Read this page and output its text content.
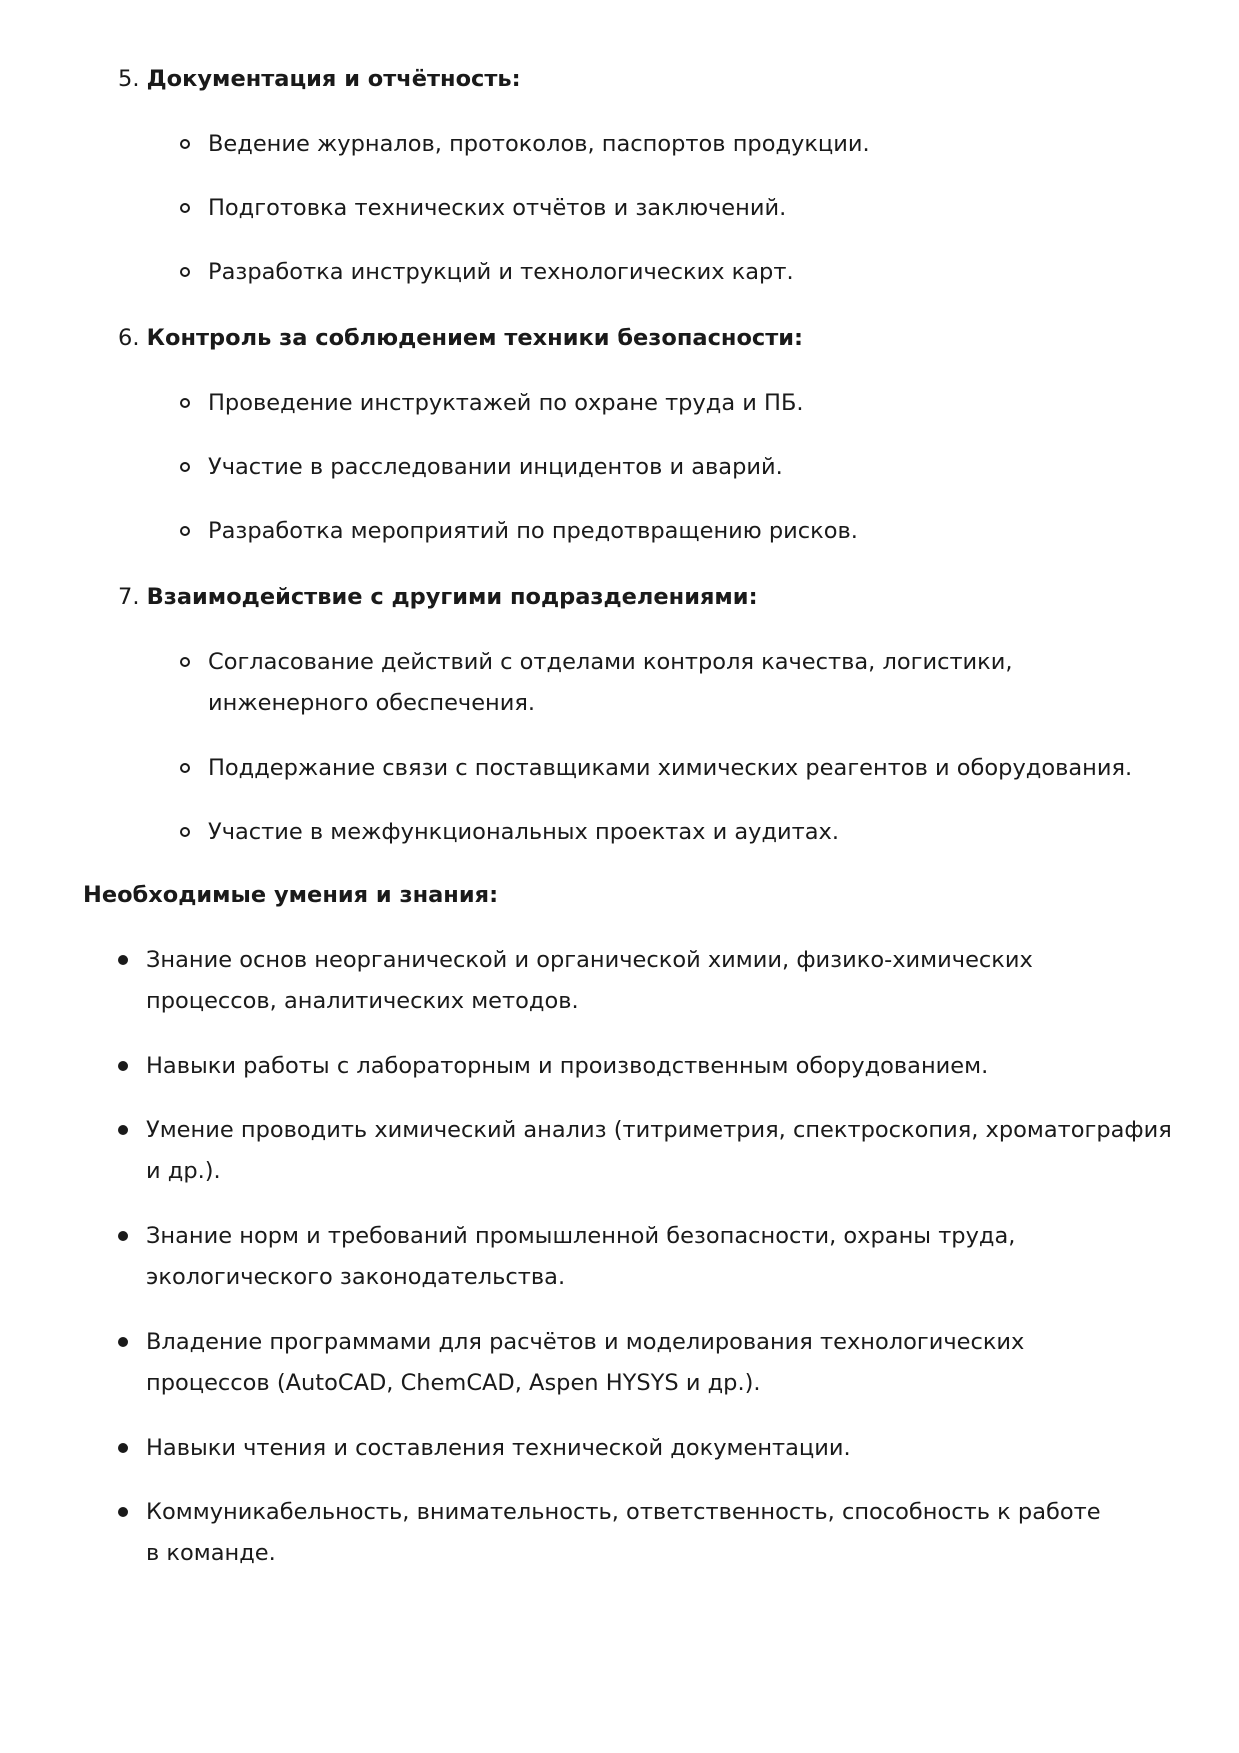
5. Документация и отчётность:
Ведение журналов, протоколов, паспортов продукции.
Подготовка технических отчётов и заключений.
Разработка инструкций и технологических карт.
6. Контроль за соблюдением техники безопасности:
Проведение инструктажей по охране труда и ПБ.
Участие в расследовании инцидентов и аварий.
Разработка мероприятий по предотвращению рисков.
7. Взаимодействие с другими подразделениями:
Согласование действий с отделами контроля качества, логистики, инженерного обеспечения.
Поддержание связи с поставщиками химических реагентов и оборудования.
Участие в межфункциональных проектах и аудитах.
Необходимые умения и знания:
Знание основ неорганической и органической химии, физико-химических процессов, аналитических методов.
Навыки работы с лабораторным и производственным оборудованием.
Умение проводить химический анализ (титриметрия, спектроскопия, хроматография и др.).
Знание норм и требований промышленной безопасности, охраны труда, экологического законодательства.
Владение программами для расчётов и моделирования технологических процессов (AutoCAD, ChemCAD, Aspen HYSYS и др.).
Навыки чтения и составления технической документации.
Коммуникабельность, внимательность, ответственность, способность к работе в команде.
